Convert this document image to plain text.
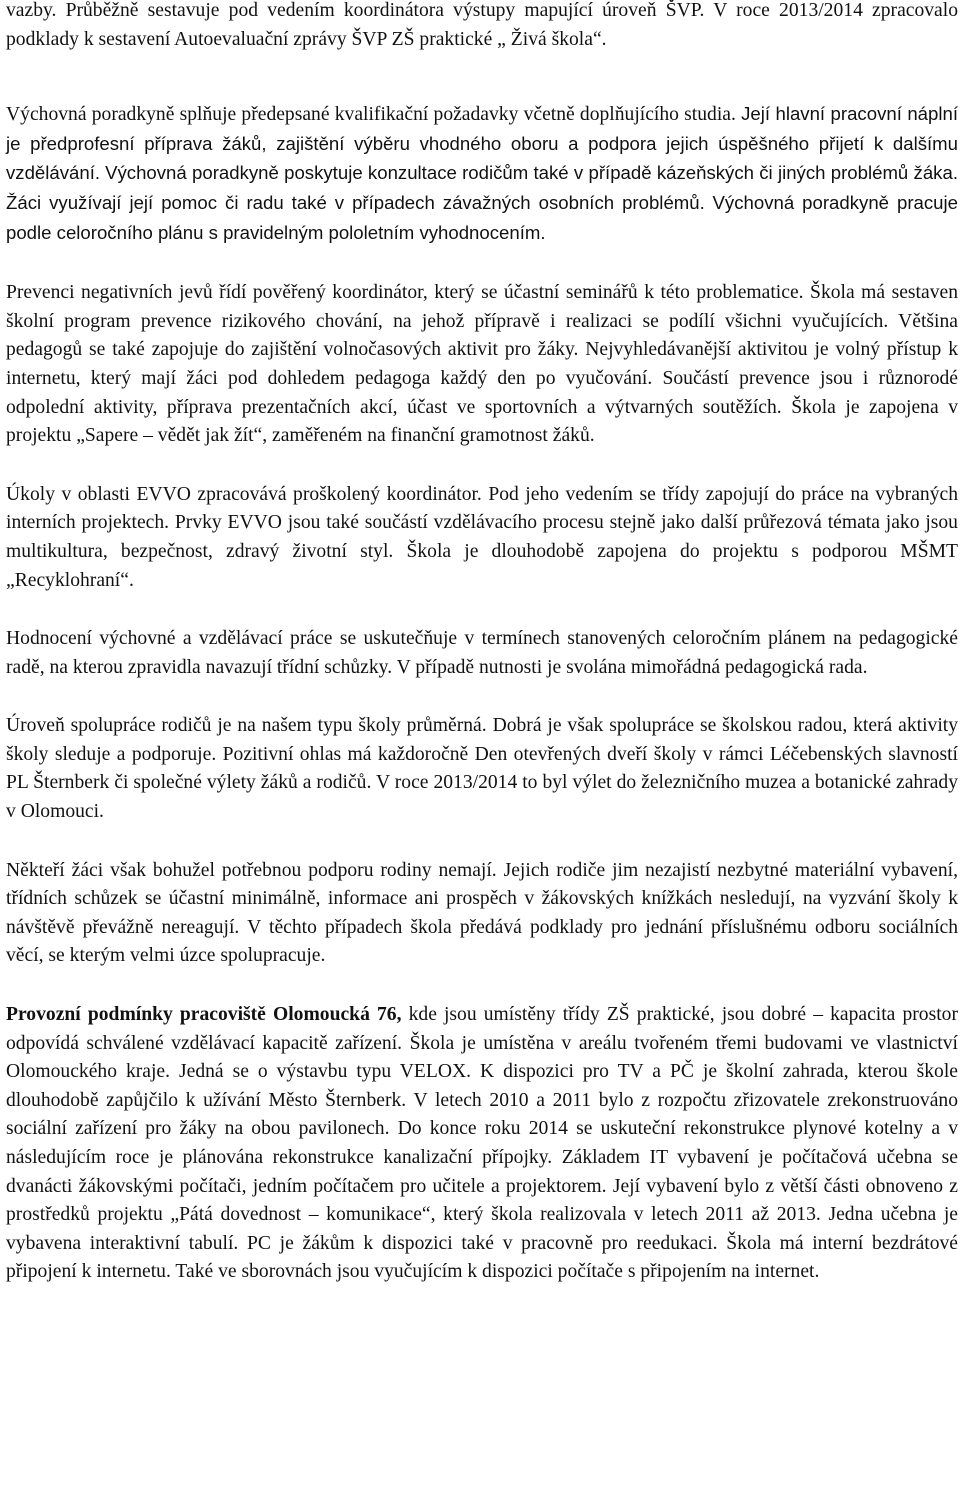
vazby. Průběžně sestavuje pod vedením koordinátora výstupy mapující úroveň ŠVP. V roce 2013/2014 zpracovalo podklady k sestavení Autoevaluační zprávy ŠVP ZŠ praktické „ Živá škola“.

Výchovná poradkyně splňuje předepsané kvalifikační požadavky včetně doplňujícího studia. Její hlavní pracovní náplní je předprofesní příprava žáků, zajištění výběru vhodného oboru a podpora jejich úspěšného přijetí k dalšímu vzdělávání. Výchovná poradkyně poskytuje konzultace rodičům také v případě kázeňských či jiných problémů žáka. Žáci využívají její pomoc či radu také v případech závažných osobních problémů. Výchovná poradkyně pracuje podle celoročního plánu s pravidelným pololetním vyhodnocením.

Prevenci negativních jevů řídí pověřený koordinátor, který se účastní seminářů k této problematice. Škola má sestaven školní program prevence rizikového chování, na jehož přípravě i realizaci se podílí všichni vyučujících. Většina pedagogů se také zapojuje do zajištění volnočasových aktivit pro žáky. Nejvyhledávanější aktivitou je volný přístup k internetu, který mají žáci pod dohledem pedagoga každý den po vyučování. Součástí prevence jsou i různorodé odpolední aktivity, příprava prezentačních akcí, účast ve sportovních a výtvarných soutěžích. Škola je zapojena v projektu „Sapere – vědět jak žít“, zaměřeném na finanční gramotnost žáků.

Úkoly v oblasti EVVO zpracovává proškolený koordinátor. Pod jeho vedením se třídy zapojují do práce na vybraných interních projektech. Prvky EVVO jsou také součástí vzdělávacího procesu stejně jako další průřezová témata jako jsou multikultura, bezpečnost, zdravý životní styl. Škola je dlouhodobě zapojena do projektu s podporou MŠMT „Recyklohraní“.

Hodnocení výchovné a vzdělávací práce se uskutečňuje v termínech stanovených celoročním plánem na pedagogické radě, na kterou zpravidla navazují třídní schůzky. V případě nutnosti je svolána mimořádná pedagogická rada.

Úroveň spolupráce rodičů je na našem typu školy průměrná. Dobrá je však spolupráce se školskou radou, která aktivity školy sleduje a podporuje. Pozitivní ohlas má každoročně Den otevřených dveří školy v rámci Léčebenských slavností PL Šternberk či společné výlety žáků a rodičů. V roce 2013/2014 to byl výlet do železničního muzea a botanické zahrady v Olomouci.

Někteří žáci však bohužel potřebnou podporu rodiny nemají. Jejich rodiče jim nezajistí nezbytné materiální vybavení, třídních schůzek se účastní minimálně, informace ani prospěch v žákovských knížkách nesledují, na vyzvání školy k návštěvě převážně nereagují. V těchto případech škola předává podklady pro jednání příslušnému odboru sociálních věcí, se kterým velmi úzce spolupracuje.

Provozní podmínky pracoviště Olomoucká 76, kde jsou umístěny třídy ZŠ praktické, jsou dobré – kapacita prostor odpovídá schválené vzdělávací kapacitě zařízení. Škola je umístěna v areálu tvořeném třemi budovami ve vlastnictví Olomouckého kraje. Jedná se o výstavbu typu VELOX. K dispozici pro TV a PČ je školní zahrada, kterou škole dlouhodobě zapůjčilo k užívání Město Šternberk. V letech 2010 a 2011 bylo z rozpočtu zřizovatele zrekonstruováno sociální zařízení pro žáky na obou pavilonech. Do konce roku 2014 se uskuteční rekonstrukce plynové kotelny a v následujícím roce je plánována rekonstrukce kanalizační přípojky. Základem IT vybavení je počítačová učebna se dvanácti žákovskými počítači, jedním počítačem pro učitele a projektorem. Její vybavení bylo z větší části obnoveno z prostředků projektu „Pátá dovednost – komunikace“, který škola realizovala v letech 2011 až 2013. Jedna učebna je vybavena interaktivní tabulí. PC je žákům k dispozici také v pracovně pro reedukaci. Škola má interní bezdrátové připojení k internetu. Také ve sborovnách jsou vyučujícím k dispozici počítače s připojením na internet.
